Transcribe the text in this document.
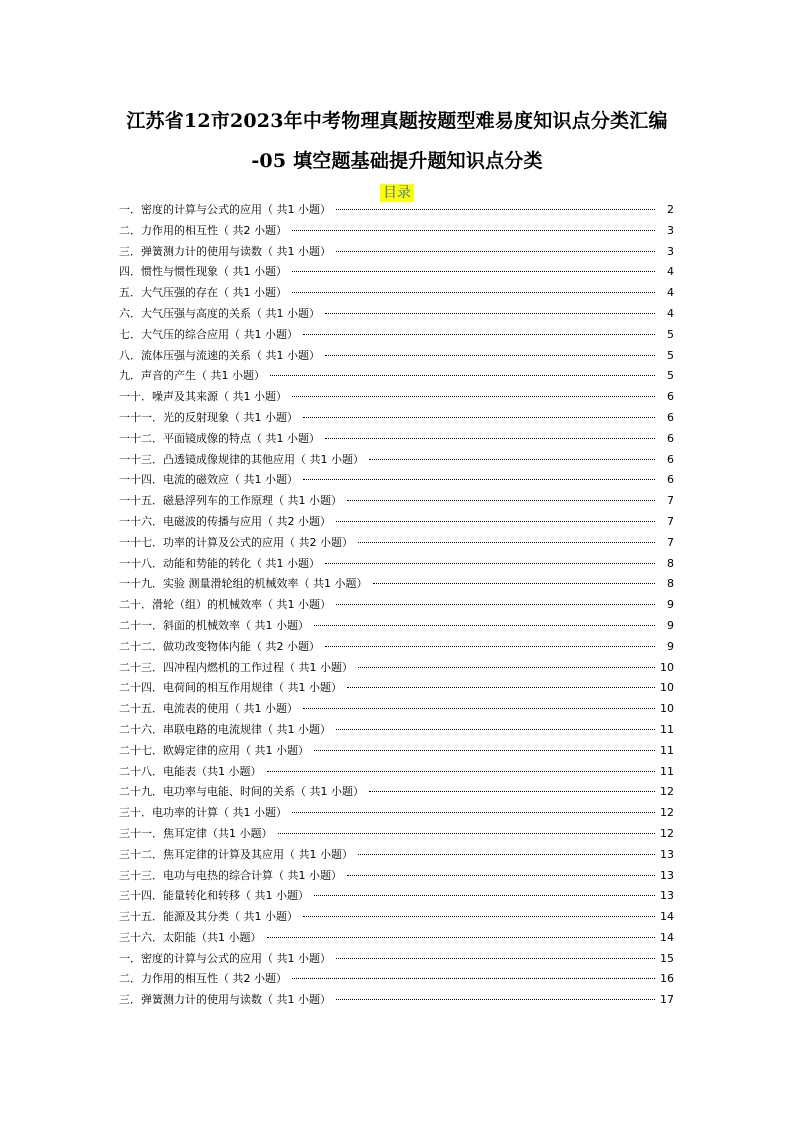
江苏省12市2023年中考物理真题按题型难易度知识点分类汇编
-05 填空题基础提升题知识点分类
目录
一．密度的计算与公式的应用（ 共1 小题）	2
二．力作用的相互性（ 共2 小题）	3
三．弹簧测力计的使用与读数（ 共1 小题）	3
四．惯性与惯性现象（ 共1 小题）	4
五．大气压强的存在（ 共1 小题）	4
六．大气压强与高度的关系（ 共1 小题）	4
七．大气压的综合应用（ 共1 小题）	5
八．流体压强与流速的关系（ 共1 小题）	5
九．声音的产生（ 共1 小题）	5
一十．噪声及其来源（ 共1 小题）	6
一十一．光的反射现象（ 共1 小题）	6
一十二．平面镜成像的特点（ 共1 小题）	6
一十三．凸透镜成像规律的其他应用（ 共1 小题）	6
一十四．电流的磁效应（ 共1 小题）	6
一十五．磁悬浮列车的工作原理（ 共1 小题）	7
一十六．电磁波的传播与应用（ 共2 小题）	7
一十七．功率的计算及公式的应用（ 共2 小题）	7
一十八．动能和势能的转化（ 共1 小题）	8
一十九．实验 测量滑轮组的机械效率（ 共1 小题）	8
二十．滑轮（组）的机械效率（ 共1 小题）	9
二十一．斜面的机械效率（ 共1 小题）	9
二十二．做功改变物体内能（ 共2 小题）	9
二十三．四冲程内燃机的工作过程（ 共1 小题）	10
二十四．电荷间的相互作用规律（ 共1 小题）	10
二十五．电流表的使用（ 共1 小题）	10
二十六．串联电路的电流规律（ 共1 小题）	11
二十七．欧姆定律的应用（ 共1 小题）	11
二十八．电能表（共1 小题）	11
二十九．电功率与电能、时间的关系（ 共1 小题）	12
三十．电功率的计算（ 共1 小题）	12
三十一．焦耳定律（共1 小题）	12
三十二．焦耳定律的计算及其应用（ 共1 小题）	13
三十三．电功与电热的综合计算（ 共1 小题）	13
三十四．能量转化和转移（ 共1 小题）	13
三十五．能源及其分类（ 共1 小题）	14
三十六．太阳能（共1 小题）	14
一．密度的计算与公式的应用（ 共1 小题）	15
二．力作用的相互性（ 共2 小题）	16
三．弹簧测力计的使用与读数（ 共1 小题）	17
